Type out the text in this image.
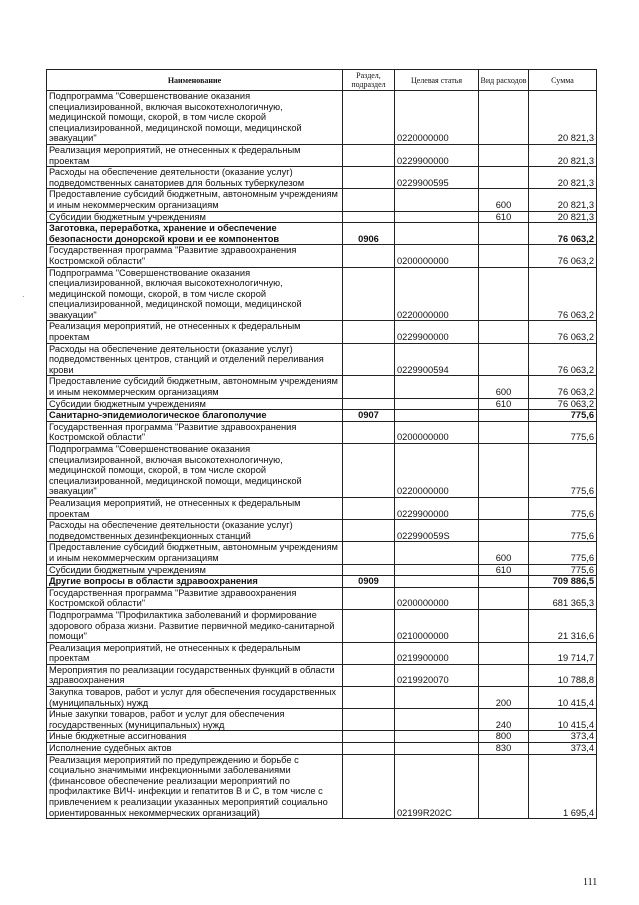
·
Наименование	Раздел, подраздел	Целевая статья	Вид расходов	Сумма
Подпрограмма "Совершенствование оказания специализированной, включая высокотехнологичную, медицинской помощи, скорой, в том числе скорой специализированной, медицинской помощи, медицинской эвакуации"		0220000000		20 821,3
Реализация мероприятий, не отнесенных к федеральным проектам		0229900000		20 821,3
Расходы на обеспечение деятельности (оказание услуг) подведомственных санаториев для больных туберкулезом		0229900595		20 821,3
Предоставление субсидий бюджетным, автономным учреждениям и иным некоммерческим организациям			600	20 821,3
Субсидии бюджетным учреждениям			610	20 821,3
Заготовка, переработка, хранение и обеспечение безопасности донорской крови и ее компонентов	0906			76 063,2
Государственная программа "Развитие здравоохранения Костромской области"		0200000000		76 063,2
Подпрограмма "Совершенствование оказания специализированной, включая высокотехнологичную, медицинской помощи, скорой, в том числе скорой специализированной, медицинской помощи, медицинской эвакуации"		0220000000		76 063,2
Реализация мероприятий, не отнесенных к федеральным проектам		0229900000		76 063,2
Расходы на обеспечение деятельности (оказание услуг) подведомственных центров, станций и отделений переливания крови		0229900594		76 063,2
Предоставление субсидий бюджетным, автономным учреждениям и иным некоммерческим организациям			600	76 063,2
Субсидии бюджетным учреждениям			610	76 063,2
Санитарно-эпидемиологическое благополучие	0907			775,6
Государственная программа "Развитие здравоохранения Костромской области"		0200000000		775,6
Подпрограмма "Совершенствование оказания специализированной, включая высокотехнологичную, медицинской помощи, скорой, в том числе скорой специализированной, медицинской помощи, медицинской эвакуации"		0220000000		775,6
Реализация мероприятий, не отнесенных к федеральным проектам		0229900000		775,6
Расходы на обеспечение деятельности (оказание услуг) подведомственных дезинфекционных станций		022990059S		775,6
Предоставление субсидий бюджетным, автономным учреждениям и иным некоммерческим организациям			600	775,6
Субсидии бюджетным учреждениям			610	775,6
Другие вопросы в области здравоохранения	0909			709 886,5
Государственная программа "Развитие здравоохранения Костромской области"		0200000000		681 365,3
Подпрограмма "Профилактика заболеваний и формирование здорового образа жизни. Развитие первичной медико-санитарной помощи"		0210000000		21 316,6
Реализация мероприятий, не отнесенных к федеральным проектам		0219900000		19 714,7
Мероприятия по реализации государственных функций в области здравоохранения		0219920070		10 788,8
Закупка товаров, работ и услуг для обеспечения государственных (муниципальных) нужд			200	10 415,4
Иные закупки товаров, работ и услуг для обеспечения государственных (муниципальных) нужд			240	10 415,4
Иные бюджетные ассигнования			800	373,4
Исполнение судебных актов			830	373,4
Реализация мероприятий по предупреждению и борьбе с социально значимыми инфекционными заболеваниями (финансовое обеспечение реализации мероприятий по профилактике ВИЧ- инфекции и гепатитов В и С, в том числе с привлечением к реализации указанных мероприятий социально ориентированных некоммерческих организаций)		02199R202С		1 695,4
111
